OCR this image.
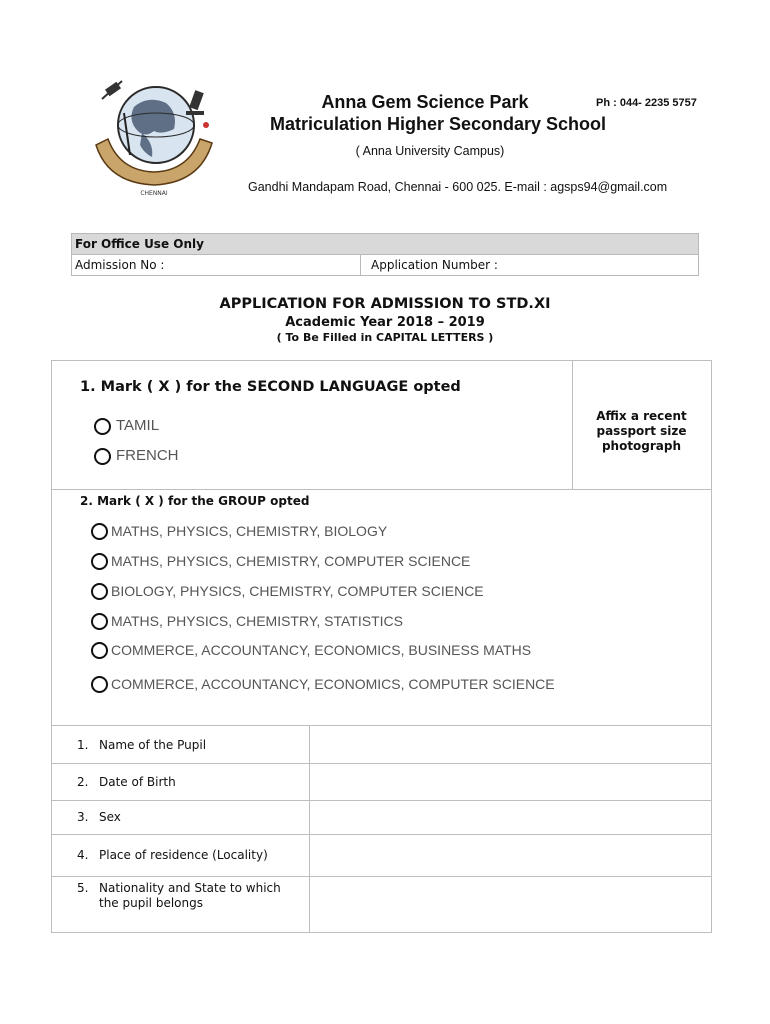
CHENNAI
Anna Gem Science Park
Matriculation Higher Secondary School
( Anna University Campus)
Ph : 044- 2235 5757
Gandhi Mandapam Road, Chennai - 600 025. E-mail : agsps94@gmail.com
For Office Use Only
Admission No :	Application Number :
APPLICATION FOR ADMISSION TO STD.XI
Academic Year 2018 – 2019
( To Be Filled in CAPITAL LETTERS )
1. Mark ( X ) for the SECOND LANGUAGE opted
TAMIL
FRENCH
Affix a recent passport size photograph
2. Mark ( X ) for the GROUP opted
MATHS, PHYSICS, CHEMISTRY, BIOLOGY
MATHS, PHYSICS, CHEMISTRY, COMPUTER SCIENCE
BIOLOGY, PHYSICS, CHEMISTRY, COMPUTER SCIENCE
MATHS, PHYSICS, CHEMISTRY, STATISTICS
COMMERCE, ACCOUNTANCY, ECONOMICS, BUSINESS MATHS
COMMERCE, ACCOUNTANCY, ECONOMICS, COMPUTER SCIENCE
1. Name of the Pupil
2. Date of Birth
3. Sex
4. Place of residence (Locality)
5. Nationality and State to which the pupil belongs
